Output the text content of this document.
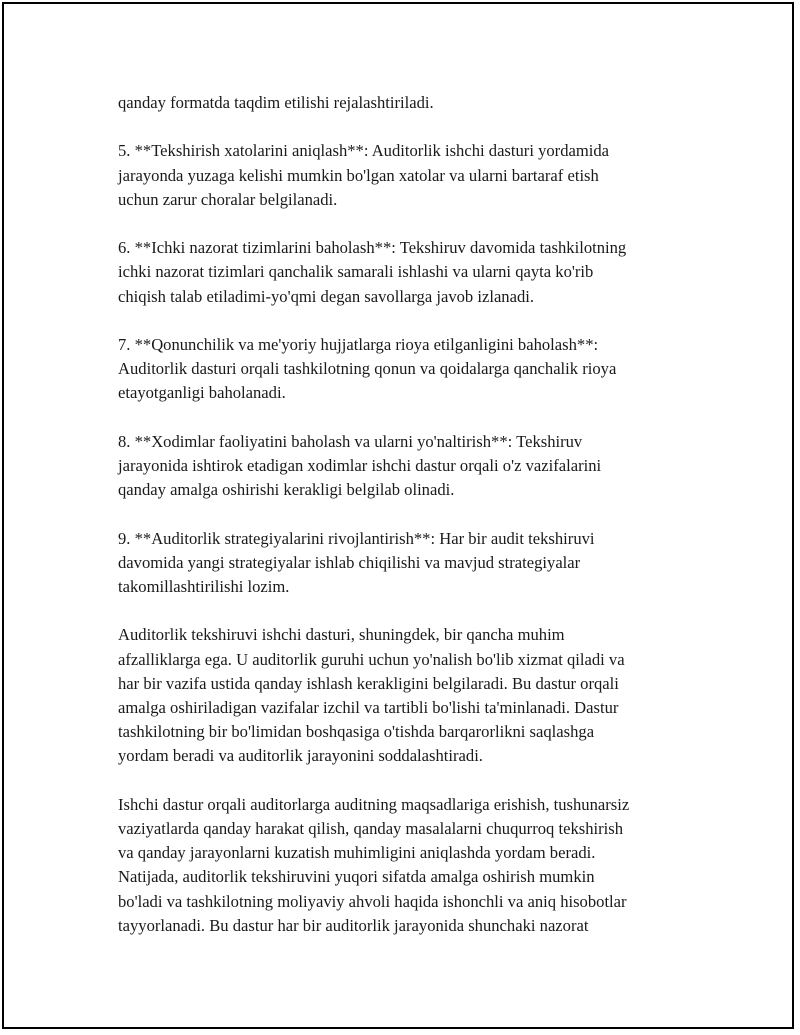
qanday formatda taqdim etilishi rejalashtiriladi.

5. **Tekshirish xatolarini aniqlash**: Auditorlik ishchi dasturi yordamida
jarayonda yuzaga kelishi mumkin bo'lgan xatolar va ularni bartaraf etish
uchun zarur choralar belgilanadi.

6. **Ichki nazorat tizimlarini baholash**: Tekshiruv davomida tashkilotning
ichki nazorat tizimlari qanchalik samarali ishlashi va ularni qayta ko'rib
chiqish talab etiladimi-yo'qmi degan savollarga javob izlanadi.

7. **Qonunchilik va me'yoriy hujjatlarga rioya etilganligini baholash**:
Auditorlik dasturi orqali tashkilotning qonun va qoidalarga qanchalik rioya
etayotganligi baholanadi.

8. **Xodimlar faoliyatini baholash va ularni yo'naltirish**: Tekshiruv
jarayonida ishtirok etadigan xodimlar ishchi dastur orqali o'z vazifalarini
qanday amalga oshirishi kerakligi belgilab olinadi.

9. **Auditorlik strategiyalarini rivojlantirish**: Har bir audit tekshiruvi
davomida yangi strategiyalar ishlab chiqilishi va mavjud strategiyalar
takomillashtirilishi lozim.

Auditorlik tekshiruvi ishchi dasturi, shuningdek, bir qancha muhim
afzalliklarga ega. U auditorlik guruhi uchun yo'nalish bo'lib xizmat qiladi va
har bir vazifa ustida qanday ishlash kerakligini belgilaradi. Bu dastur orqali
amalga oshiriladigan vazifalar izchil va tartibli bo'lishi ta'minlanadi. Dastur
tashkilotning bir bo'limidan boshqasiga o'tishda barqarorlikni saqlashga
yordam beradi va auditorlik jarayonini soddalashtiradi.

Ishchi dastur orqali auditorlarga auditning maqsadlariga erishish, tushunarsiz
vaziyatlarda qanday harakat qilish, qanday masalalarni chuqurroq tekshirish
va qanday jarayonlarni kuzatish muhimligini aniqlashda yordam beradi.
Natijada, auditorlik tekshiruvini yuqori sifatda amalga oshirish mumkin
bo'ladi va tashkilotning moliyaviy ahvoli haqida ishonchli va aniq hisobotlar
tayyorlanadi. Bu dastur har bir auditorlik jarayonida shunchaki nazorat
